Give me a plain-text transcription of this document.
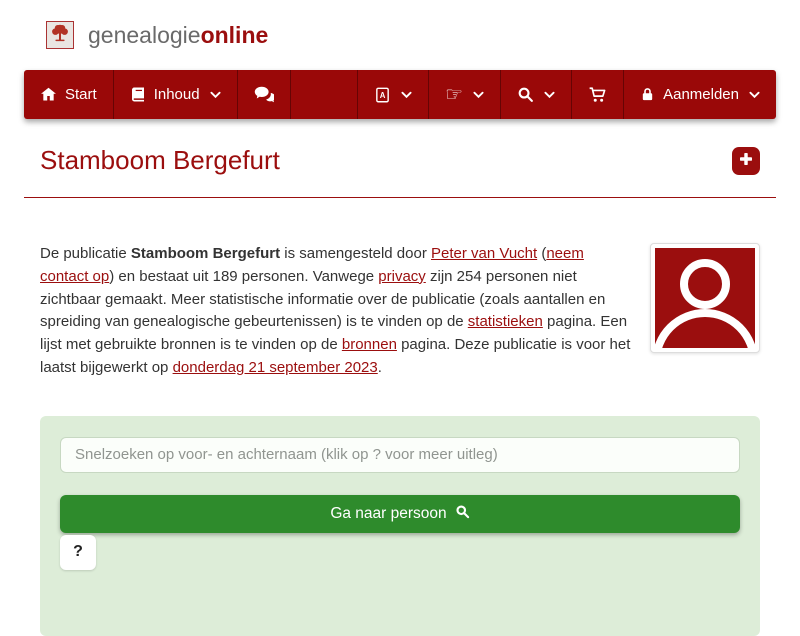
genealogieonline
Start	Inhoud	A	☞	Aanmelden
Stamboom Bergefurt

De publicatie Stamboom Bergefurt is samengesteld door Peter van Vucht (neem contact op) en bestaat uit 189 personen. Vanwege privacy zijn 254 personen niet zichtbaar gemaakt. Meer statistische informatie over de publicatie (zoals aantallen en spreiding van genealogische gebeurtenissen) is te vinden op de statistieken pagina. Een lijst met gebruikte bronnen is te vinden op de bronnen pagina. Deze publicatie is voor het laatst bijgewerkt op donderdag 21 september 2023.

Snelzoeken op voor- en achternaam (klik op ? voor meer uitleg)
Ga naar persoon
?
